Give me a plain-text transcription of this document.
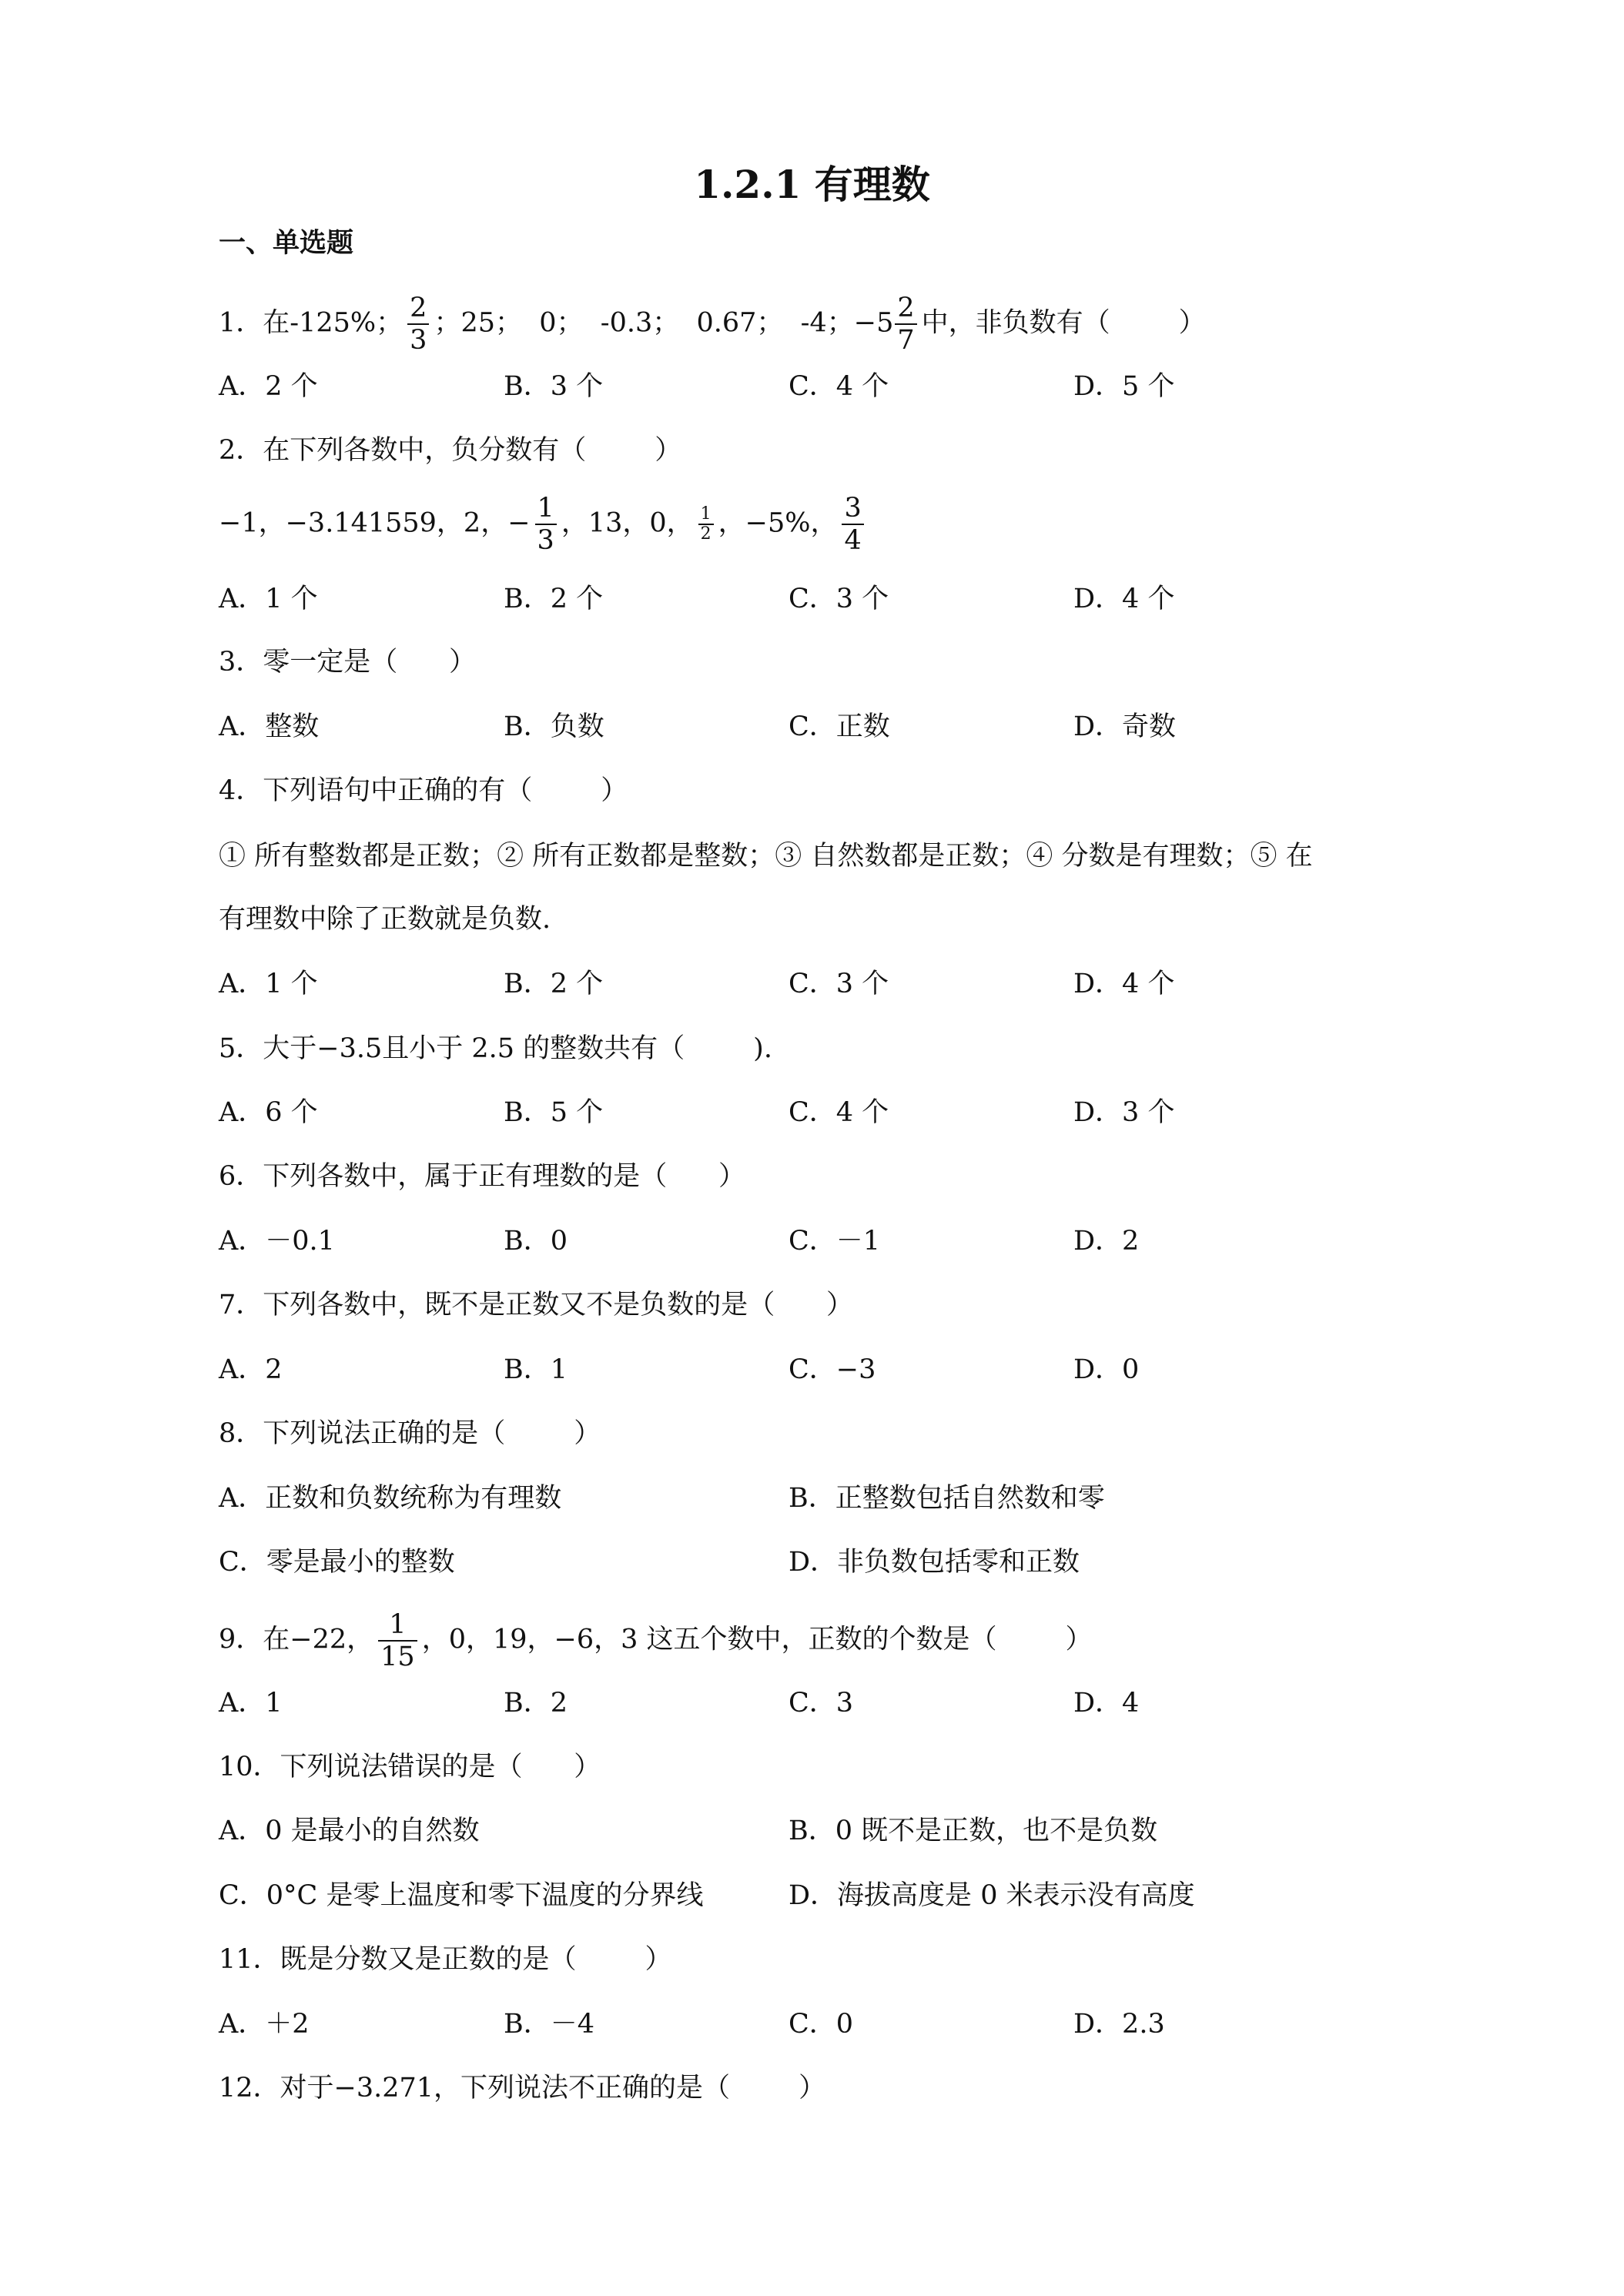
1.2.1 有理数
一、单选题
1．在-125%； $\frac{2}{3}$ ；25；  0；  -0.3；  0.67；  -4；$-5 \frac{2}{7}$ 中，非负数有（        ）
A．2 个	B．3 个	C．4 个	D．5 个
2．在下列各数中，负分数有（        ）
−1，−3.141559，2，− $\frac{1}{3}$ ，13，0， $\frac{1}{2}$ ，−5%， $\frac{3}{4}$
A．1 个	B．2 个	C．3 个	D．4 个
3．零一定是（      ）
A．整数	B．负数	C．正数	D．奇数
4．下列语句中正确的有（        ）
① 所有整数都是正数；② 所有正数都是整数；③ 自然数都是正数；④ 分数是有理数；⑤ 在
有理数中除了正数就是负数.
A．1 个	B．2 个	C．3 个	D．4 个
5．大于−3.5且小于 2.5 的整数共有（        ).
A．6 个	B．5 个	C．4 个	D．3 个
6．下列各数中，属于正有理数的是（      ）
A．－0.1	B．0	C．－1	D．2
7．下列各数中，既不是正数又不是负数的是（      ）
A．2	B．1	C．−3	D．0
8．下列说法正确的是（        ）
A．正数和负数统称为有理数	B．正整数包括自然数和零
C．零是最小的整数	D．非负数包括零和正数
9．在−22， $\frac{1}{15}$ ，0，19，−6，3 这五个数中，正数的个数是（        ）
A．1	B．2	C．3	D．4
10．下列说法错误的是（      ）
A．0 是最小的自然数	B．0 既不是正数，也不是负数
C．0°C 是零上温度和零下温度的分界线	D．海拔高度是 0 米表示没有高度
11．既是分数又是正数的是（        ）
A．＋2	B．－4	C．0	D．2.3
12．对于−3.271，下列说法不正确的是（        ）
